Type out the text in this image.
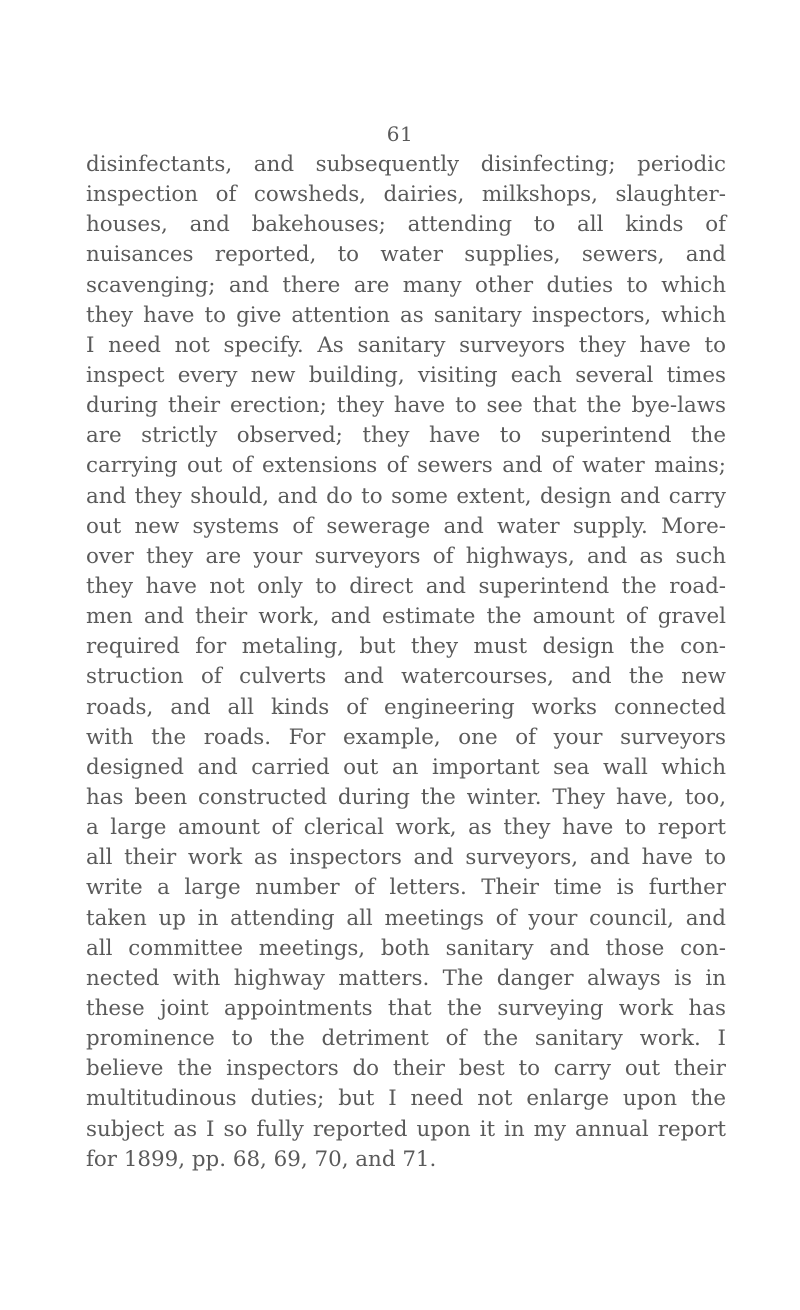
61
disinfectants, and subsequently disinfecting; periodic
inspection of cowsheds, dairies, milkshops, slaughter-
houses, and bakehouses; attending to all kinds of
nuisances reported, to water supplies, sewers, and
scavenging; and there are many other duties to which
they have to give attention as sanitary inspectors, which
I need not specify. As sanitary surveyors they have to
inspect every new building, visiting each several times
during their erection; they have to see that the bye-laws
are strictly observed; they have to superintend the
carrying out of extensions of sewers and of water mains;
and they should, and do to some extent, design and carry
out new systems of sewerage and water supply. More-
over they are your surveyors of highways, and as such
they have not only to direct and superintend the road-
men and their work, and estimate the amount of gravel
required for metaling, but they must design the con-
struction of culverts and watercourses, and the new
roads, and all kinds of engineering works connected
with the roads. For example, one of your surveyors
designed and carried out an important sea wall which
has been constructed during the winter. They have, too,
a large amount of clerical work, as they have to report
all their work as inspectors and surveyors, and have to
write a large number of letters. Their time is further
taken up in attending all meetings of your council, and
all committee meetings, both sanitary and those con-
nected with highway matters. The danger always is in
these joint appointments that the surveying work has
prominence to the detriment of the sanitary work. I
believe the inspectors do their best to carry out their
multitudinous duties; but I need not enlarge upon the
subject as I so fully reported upon it in my annual report
for 1899, pp. 68, 69, 70, and 71.
